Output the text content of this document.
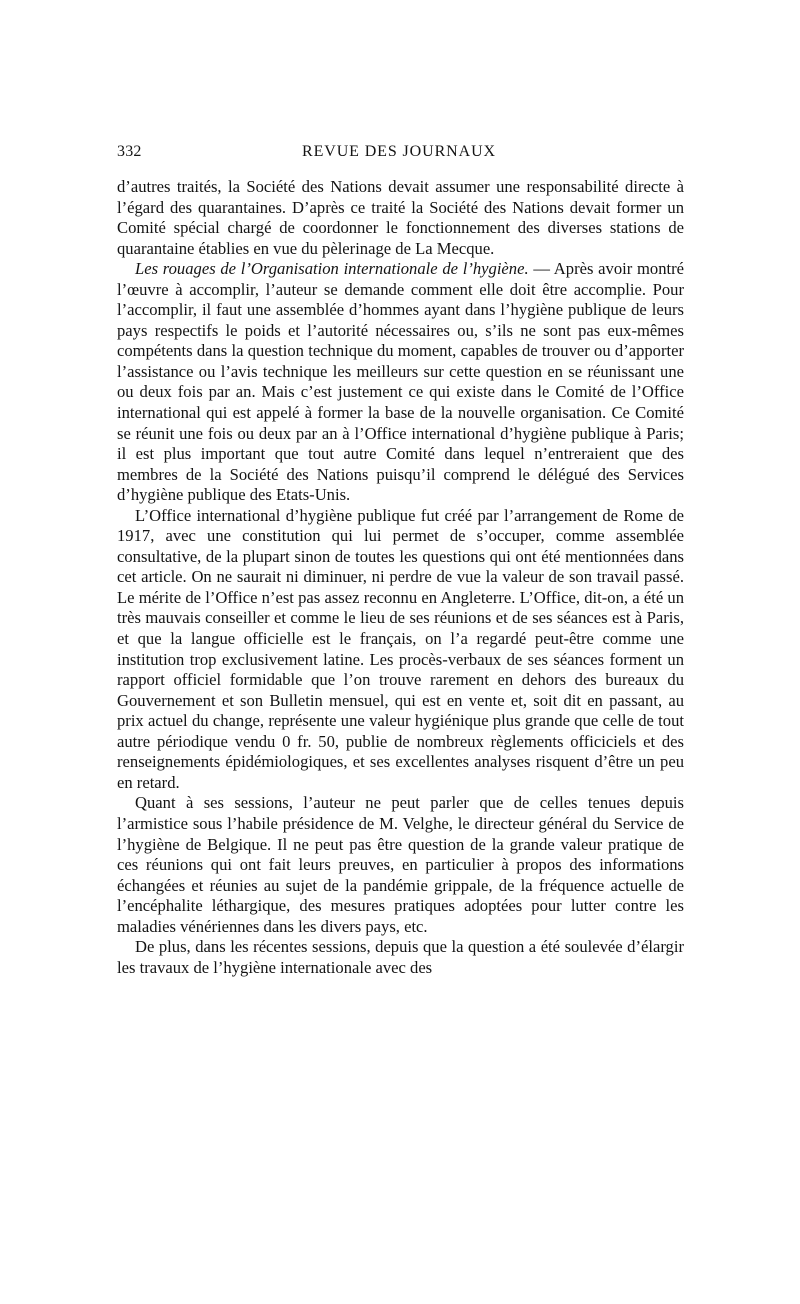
332	REVUE DES JOURNAUX

d’autres traités, la Société des Nations devait assumer une responsabilité directe à l’égard des quarantaines. D’après ce traité la Société des Nations devait former un Comité spécial chargé de coordonner le fonctionnement des diverses stations de quarantaine établies en vue du pèlerinage de La Mecque.

Les rouages de l’Organisation internationale de l’hygiène. — Après avoir montré l’œuvre à accomplir, l’auteur se demande comment elle doit être accomplie. Pour l’accomplir, il faut une assemblée d’hommes ayant dans l’hygiène publique de leurs pays respectifs le poids et l’autorité nécessaires ou, s’ils ne sont pas eux-mêmes compétents dans la question technique du moment, capables de trouver ou d’apporter l’assistance ou l’avis technique les meilleurs sur cette question en se réunissant une ou deux fois par an. Mais c’est justement ce qui existe dans le Comité de l’Office international qui est appelé à former la base de la nouvelle organisation. Ce Comité se réunit une fois ou deux par an à l’Office international d’hygiène publique à Paris; il est plus important que tout autre Comité dans lequel n’entreraient que des membres de la Société des Nations puisqu’il comprend le délégué des Services d’hygiène publique des Etats-Unis.

L’Office international d’hygiène publique fut créé par l’arrangement de Rome de 1917, avec une constitution qui lui permet de s’occuper, comme assemblée consultative, de la plupart sinon de toutes les questions qui ont été mentionnées dans cet article. On ne saurait ni diminuer, ni perdre de vue la valeur de son travail passé. Le mérite de l’Office n’est pas assez reconnu en Angleterre. L’Office, dit-on, a été un très mauvais conseiller et comme le lieu de ses réunions et de ses séances est à Paris, et que la langue officielle est le français, on l’a regardé peut-être comme une institution trop exclusivement latine. Les procès-verbaux de ses séances forment un rapport officiel formidable que l’on trouve rarement en dehors des bureaux du Gouvernement et son Bulletin mensuel, qui est en vente et, soit dit en passant, au prix actuel du change, représente une valeur hygiénique plus grande que celle de tout autre périodique vendu 0 fr. 50, publie de nombreux règlements officiciels et des renseignements épidémiologiques, et ses excellentes analyses risquent d’être un peu en retard.

Quant à ses sessions, l’auteur ne peut parler que de celles tenues depuis l’armistice sous l’habile présidence de M. Velghe, le directeur général du Service de l’hygiène de Belgique. Il ne peut pas être question de la grande valeur pratique de ces réunions qui ont fait leurs preuves, en particulier à propos des informations échangées et réunies au sujet de la pandémie grippale, de la fréquence actuelle de l’encéphalite léthargique, des mesures pratiques adoptées pour lutter contre les maladies vénériennes dans les divers pays, etc.

De plus, dans les récentes sessions, depuis que la question a été soulevée d’élargir les travaux de l’hygiène internationale avec des
